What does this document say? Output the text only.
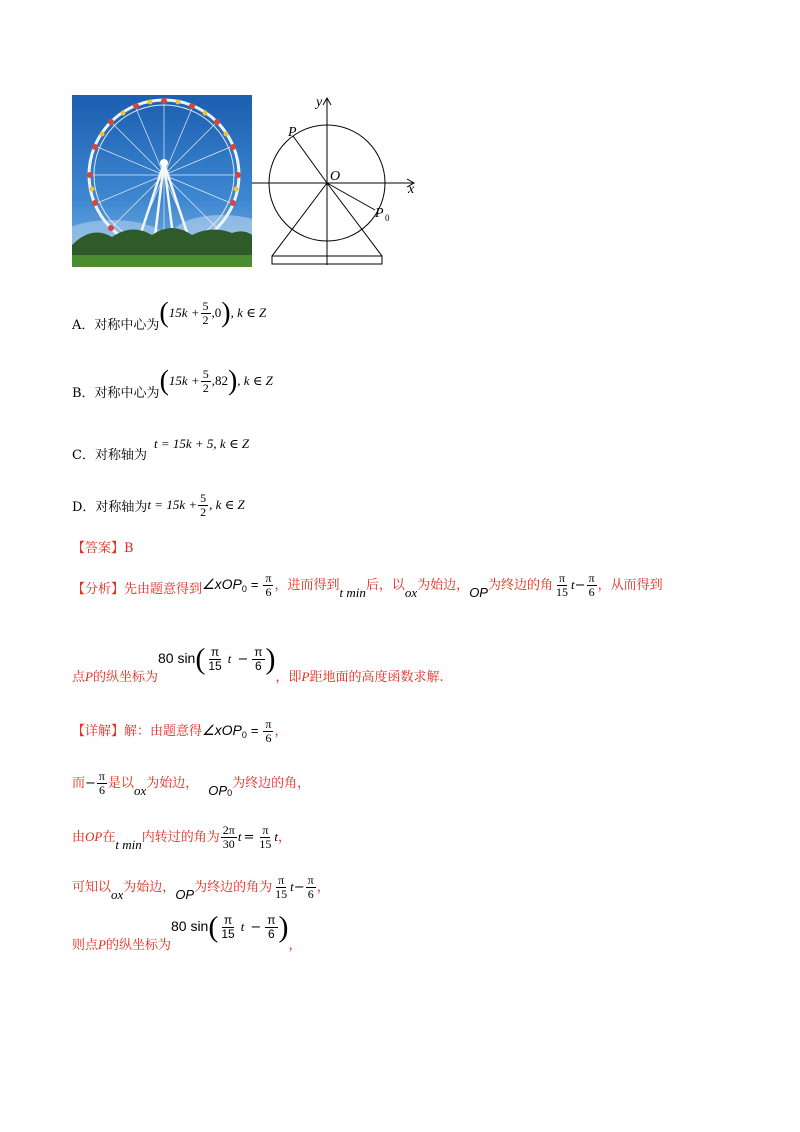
x
y
P
O
P 0
A．对称中心为$(15k + \frac{5}{2} ,0)$, k ∈ Z
B．对称中心为$(15k + \frac{5}{2} ,82)$, k ∈ Z
C．对称轴为
t = 15k + 5, k ∈ Z
D．对称轴为$t = 15k + \frac{5}{2}$ , k ∈ Z
【答案】B
【分析】先由题意得到∠xOP$_0$ = $\frac{\pi}{6}$ ，进而得到t min后，以ox为始边，OP为终边的角 $\frac{\pi}{15} t- \frac{\pi}{6}$ ，从而得到
点P的纵坐标为80 $\sin( \frac{\pi}{15}$ $t - \frac{\pi}{6}$ )，即P距地面的高度函数求解.
【详解】解：由题意得∠xOP$_0$ = $\frac{\pi}{6}$ ，
而− $\frac{\pi}{6}$ 是以ox为始边， $OP_0$为终边的角，
由OP在t min内转过的角为 $\frac{2\pi}{30}$ $t = \frac{\pi}{15}$ t，
可知以ox为始边，OP为终边的角为 $\frac{\pi}{15} t- \frac{\pi}{6}$ ，
则点P的纵坐标为80 $\sin( \frac{\pi}{15}$ $t - \frac{\pi}{6}$ )，
